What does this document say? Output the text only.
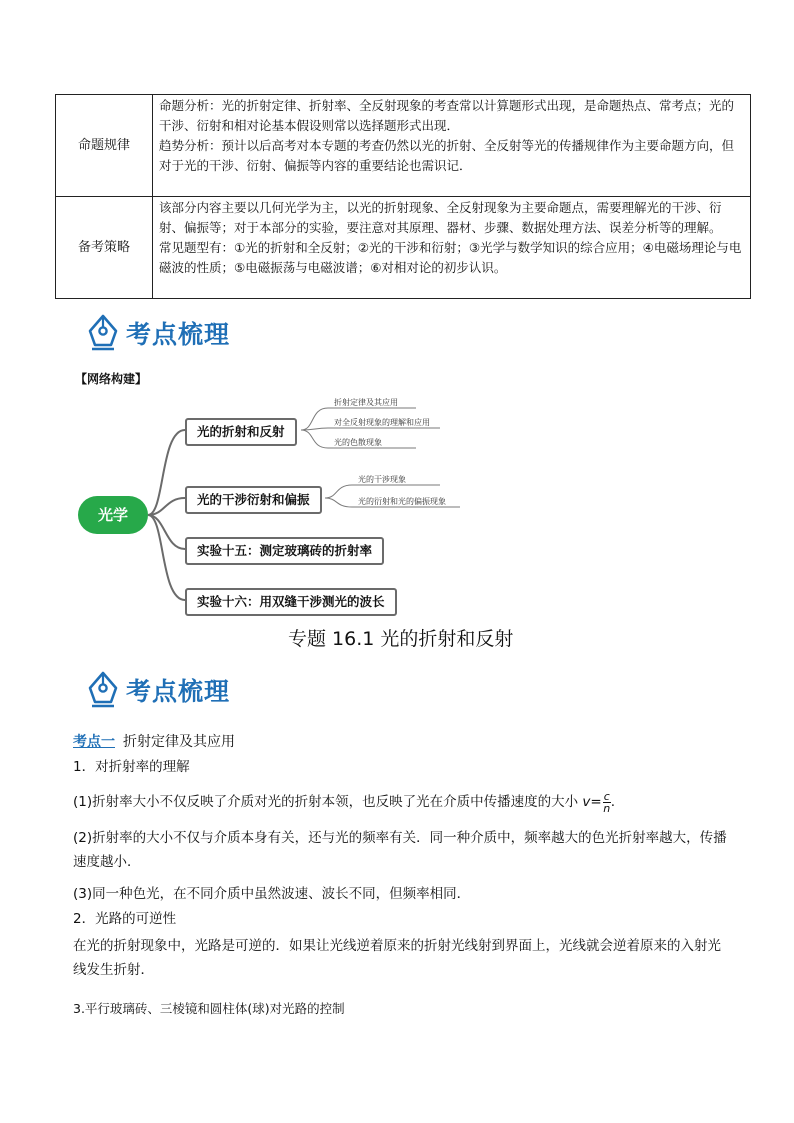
命题规律	命题分析：光的折射定律、折射率、全反射现象的考查常以计算题形式出现，是命题热点、常考点；光的干涉、衍射和相对论基本假设则常以选择题形式出现．

趋势分析：预计以后高考对本专题的考查仍然以光的折射、全反射等光的传播规律作为主要命题方向，但对于光的干涉、衍射、偏振等内容的重要结论也需识记．

备考策略	该部分内容主要以几何光学为主，以光的折射现象、全反射现象为主要命题点，需要理解光的干涉、衍射、偏振等；对于本部分的实验，要注意对其原理、器材、步骤、数据处理方法、误差分析等的理解。

常见题型有：①光的折射和全反射；②光的干涉和衍射；③光学与数学知识的综合应用；④电磁场理论与电磁波的性质；⑤电磁振荡与电磁波谱；⑥对相对论的初步认识。

考点梳理
【网络构建】
光学
光的折射和反射
光的干涉衍射和偏振
实验十五：测定玻璃砖的折射率
实验十六：用双缝干涉测光的波长
折射定律及其应用
对全反射现象的理解和应用
光的色散现象
光的干涉现象
光的衍射和光的偏振现象
专题 16.1 光的折射和反射
考点梳理
考点一 折射定律及其应用
1．对折射率的理解
(1)折射率大小不仅反映了介质对光的折射本领，也反映了光在介质中传播速度的大小 $v= \frac{c}{n}$ .
(2)折射率的大小不仅与介质本身有关，还与光的频率有关．同一种介质中，频率越大的色光折射率越大，传播速度越小．
(3)同一种色光，在不同介质中虽然波速、波长不同，但频率相同．
2．光路的可逆性
在光的折射现象中，光路是可逆的．如果让光线逆着原来的折射光线射到界面上，光线就会逆着原来的入射光线发生折射．
3.平行玻璃砖、三棱镜和圆柱体(球)对光路的控制
